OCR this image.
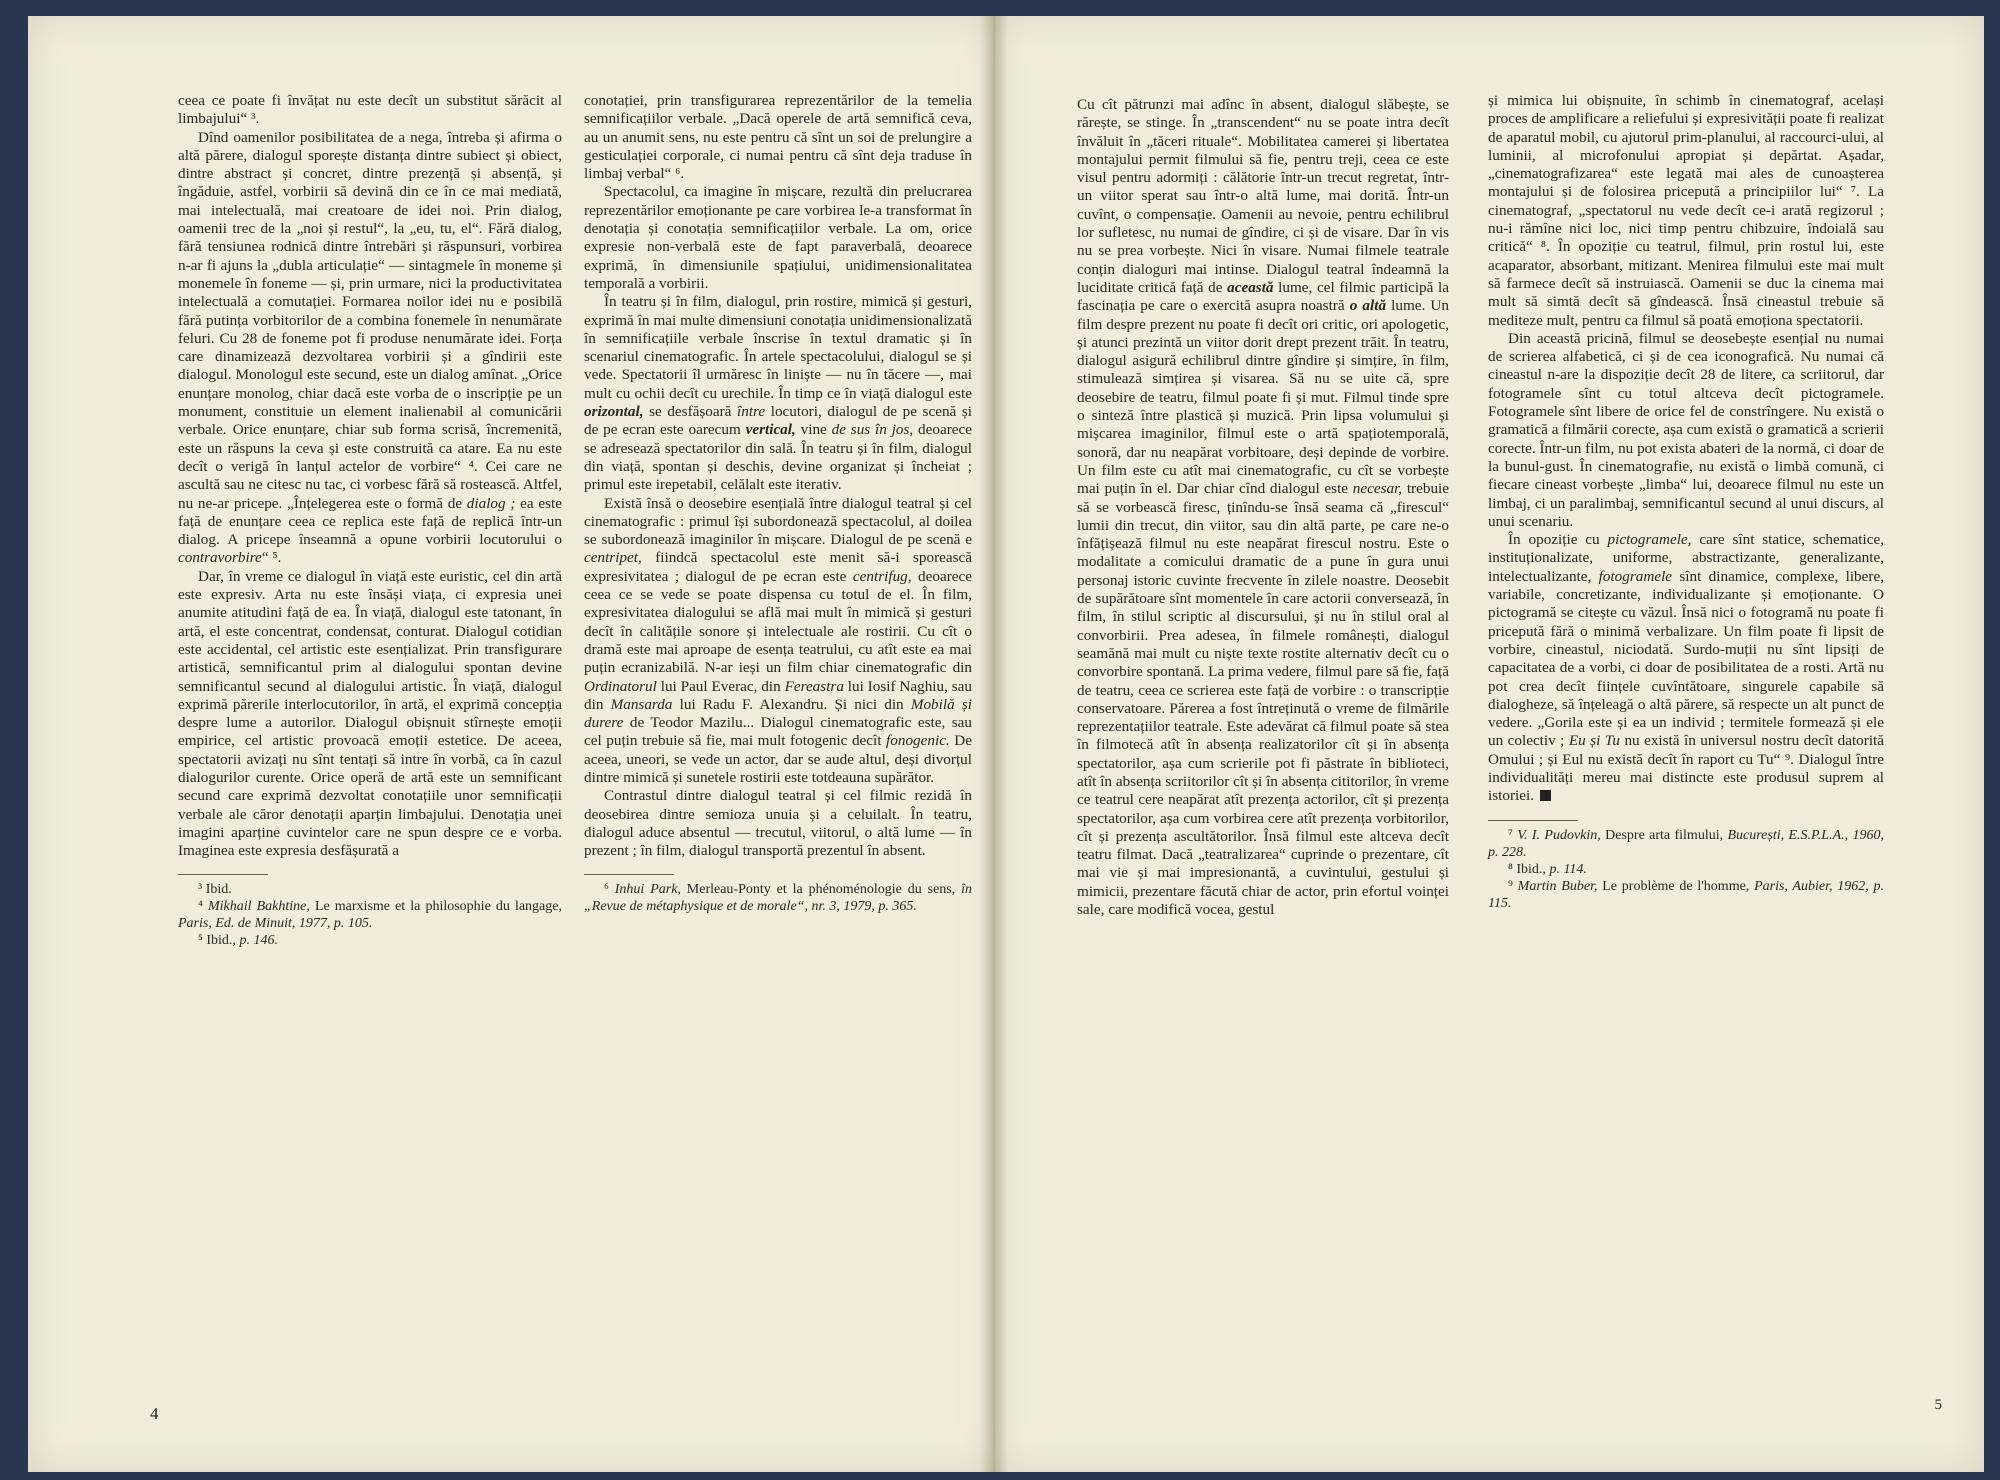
ceea ce poate fi învățat nu este decît un substitut sărăcit al limbajului“ ³.

Dînd oamenilor posibilitatea de a nega, întreba și afirma o altă părere, dialogul sporește distanța dintre subiect și obiect, dintre abstract și concret, dintre prezență și absență, și îngăduie, astfel, vorbirii să devină din ce în ce mai mediată, mai intelectuală, mai creatoare de idei noi. Prin dialog, oamenii trec de la „noi și restul“, la „eu, tu, el“. Fără dialog, fără tensiunea rodnică dintre întrebări și răspunsuri, vorbirea n-ar fi ajuns la „dubla articulație“ — sintagmele în moneme și monemele în foneme — și, prin urmare, nici la productivitatea intelectuală a comutației. Formarea noilor idei nu e posibilă fără putința vorbitorilor de a combina fonemele în nenumărate feluri. Cu 28 de foneme pot fi produse nenumărate idei. Forța care dinamizează dezvoltarea vorbirii și a gîndirii este dialogul. Monologul este secund, este un dialog amînat. „Orice enunțare monolog, chiar dacă este vorba de o inscripție pe un monument, constituie un element inalienabil al comunicării verbale. Orice enunțare, chiar sub forma scrisă, încremenită, este un răspuns la ceva și este construită ca atare. Ea nu este decît o verigă în lanțul actelor de vorbire“ ⁴. Cei care ne ascultă sau ne citesc nu tac, ci vorbesc fără să rostească. Altfel, nu ne-ar pricepe. „Înțelegerea este o formă de dialog ; ea este față de enunțare ceea ce replica este față de replică într-un dialog. A pricepe înseamnă a opune vorbirii locutorului o contravorbire“ ⁵.

Dar, în vreme ce dialogul în viață este euristic, cel din artă este expresiv. Arta nu este însăși viața, ci expresia unei anumite atitudini față de ea. În viață, dialogul este tatonant, în artă, el este concentrat, condensat, conturat. Dialogul cotidian este accidental, cel artistic este esențializat. Prin transfigurare artistică, semnificantul prim al dialogului spontan devine semnificantul secund al dialogului artistic. În viață, dialogul exprimă părerile interlocutorilor, în artă, el exprimă concepția despre lume a autorilor. Dialogul obișnuit stîrnește emoții empirice, cel artistic provoacă emoții estetice. De aceea, spectatorii avizați nu sînt tentați să intre în vorbă, ca în cazul dialogurilor curente. Orice operă de artă este un semnificant secund care exprimă dezvoltat conotațiile unor semnificații verbale ale căror denotații aparțin limbajului. Denotația unei imagini aparține cuvintelor care ne spun despre ce e vorba. Imaginea este expresia desfășurată a

³ Ibid.

⁴ Mikhail Bakhtine, Le marxisme et la philosophie du langage, Paris, Ed. de Minuit, 1977, p. 105.

⁵ Ibid., p. 146.

conotației, prin transfigurarea reprezentărilor de la temelia semnificațiilor verbale. „Dacă operele de artă semnifică ceva, au un anumit sens, nu este pentru că sînt un soi de prelungire a gesticulației corporale, ci numai pentru că sînt deja traduse în limbaj verbal“ ⁶.

Spectacolul, ca imagine în mișcare, rezultă din prelucrarea reprezentărilor emoționante pe care vorbirea le-a transformat în denotația și conotația semnificațiilor verbale. La om, orice expresie non-verbală este de fapt paraverbală, deoarece exprimă, în dimensiunile spațiului, unidimensionalitatea temporală a vorbirii.

În teatru și în film, dialogul, prin rostire, mimică și gesturi, exprimă în mai multe dimensiuni conotația unidimensionalizată în semnificațiile verbale înscrise în textul dramatic și în scenariul cinematografic. În artele spectacolului, dialogul se și vede. Spectatorii îl urmăresc în liniște — nu în tăcere —, mai mult cu ochii decît cu urechile. În timp ce în viață dialogul este orizontal, se desfășoară între locutori, dialogul de pe scenă și de pe ecran este oarecum vertical, vine de sus în jos, deoarece se adresează spectatorilor din sală. În teatru și în film, dialogul din viață, spontan și deschis, devine organizat și încheiat ; primul este irepetabil, celălalt este iterativ.

Există însă o deosebire esențială între dialogul teatral și cel cinematografic : primul își subordonează spectacolul, al doilea se subordonează imaginilor în mișcare. Dialogul de pe scenă e centripet, fiindcă spectacolul este menit să-i sporească expresivitatea ; dialogul de pe ecran este centrifug, deoarece ceea ce se vede se poate dispensa cu totul de el. În film, expresivitatea dialogului se află mai mult în mimică și gesturi decît în calitățile sonore și intelectuale ale rostirii. Cu cît o dramă este mai aproape de esența teatrului, cu atît este ea mai puțin ecranizabilă. N-ar ieși un film chiar cinematografic din Ordinatorul lui Paul Everac, din Fereastra lui Iosif Naghiu, sau din Mansarda lui Radu F. Alexandru. Și nici din Mobilă și durere de Teodor Mazilu... Dialogul cinematografic este, sau cel puțin trebuie să fie, mai mult fotogenic decît fonogenic. De aceea, uneori, se vede un actor, dar se aude altul, deși divorțul dintre mimică și sunetele rostirii este totdeauna supărător.

Contrastul dintre dialogul teatral și cel filmic rezidă în deosebirea dintre semioza unuia și a celuilalt. În teatru, dialogul aduce absentul — trecutul, viitorul, o altă lume — în prezent ; în film, dialogul transportă prezentul în absent.

⁶ Inhui Park, Merleau-Ponty et la phénoménologie du sens, în „Revue de métaphysique et de morale“, nr. 3, 1979, p. 365.

4

Cu cît pătrunzi mai adînc în absent, dialogul slăbește, se rărește, se stinge. În „transcendent“ nu se poate intra decît învăluit în „tăceri rituale“. Mobilitatea camerei și libertatea montajului permit filmului să fie, pentru treji, ceea ce este visul pentru adormiți : călătorie într-un trecut regretat, într-un viitor sperat sau într-o altă lume, mai dorită. Într-un cuvînt, o compensație. Oamenii au nevoie, pentru echilibrul lor sufletesc, nu numai de gîndire, ci și de visare. Dar în vis nu se prea vorbește. Nici în visare. Numai filmele teatrale conțin dialoguri mai intinse. Dialogul teatral îndeamnă la luciditate critică față de această lume, cel filmic participă la fascinația pe care o exercită asupra noastră o altă lume. Un film despre prezent nu poate fi decît ori critic, ori apologetic, și atunci prezintă un viitor dorit drept prezent trăit. În teatru, dialogul asigură echilibrul dintre gîndire și simțire, în film, stimulează simțirea și visarea. Să nu se uite că, spre deosebire de teatru, filmul poate fi și mut. Filmul tinde spre o sinteză între plastică și muzică. Prin lipsa volumului și mișcarea imaginilor, filmul este o artă spațiotemporală, sonoră, dar nu neapărat vorbitoare, deși depinde de vorbire. Un film este cu atît mai cinematografic, cu cît se vorbește mai puțin în el. Dar chiar cînd dialogul este necesar, trebuie să se vorbească firesc, ținîndu-se însă seama că „firescul“ lumii din trecut, din viitor, sau din altă parte, pe care ne-o înfățișează filmul nu este neapărat firescul nostru. Este o modalitate a comicului dramatic de a pune în gura unui personaj istoric cuvinte frecvente în zilele noastre. Deosebit de supărătoare sînt momentele în care actorii conversează, în film, în stilul scriptic al discursului, și nu în stilul oral al convorbirii. Prea adesea, în filmele românești, dialogul seamănă mai mult cu niște texte rostite alternativ decît cu o convorbire spontană. La prima vedere, filmul pare să fie, față de teatru, ceea ce scrierea este față de vorbire : o transcripție conservatoare. Părerea a fost întreținută o vreme de filmările reprezentațiilor teatrale. Este adevărat că filmul poate să stea în filmotecă atît în absența realizatorilor cît și în absența spectatorilor, așa cum scrierile pot fi păstrate în biblioteci, atît în absența scriitorilor cît și în absența cititorilor, în vreme ce teatrul cere neapărat atît prezența actorilor, cît și prezența spectatorilor, așa cum vorbirea cere atît prezența vorbitorilor, cît și prezența ascultătorilor. Însă filmul este altceva decît teatru filmat. Dacă „teatralizarea“ cuprinde o prezentare, cît mai vie și mai impresionantă, a cuvintului, gestului și mimicii, prezentare făcută chiar de actor, prin efortul voinței sale, care modifică vocea, gestul

și mimica lui obișnuite, în schimb în cinematograf, același proces de amplificare a reliefului și expresivității poate fi realizat de aparatul mobil, cu ajutorul prim-planului, al raccourci-ului, al luminii, al microfonului apropiat și depărtat. Așadar, „cinematografizarea“ este legată mai ales de cunoașterea montajului și de folosirea pricepută a principiilor lui“ ⁷. La cinematograf, „spectatorul nu vede decît ce-i arată regizorul ; nu-i rămîne nici loc, nici timp pentru chibzuire, îndoială sau critică“ ⁸. În opoziție cu teatrul, filmul, prin rostul lui, este acaparator, absorbant, mitizant. Menirea filmului este mai mult să farmece decît să instruiască. Oamenii se duc la cinema mai mult să simtă decît să gîndească. Însă cineastul trebuie să mediteze mult, pentru ca filmul să poată emoționa spectatorii.

Din această pricină, filmul se deosebește esențial nu numai de scrierea alfabetică, ci și de cea iconografică. Nu numai că cineastul n-are la dispoziție decît 28 de litere, ca scriitorul, dar fotogramele sînt cu totul altceva decît pictogramele. Fotogramele sînt libere de orice fel de constrîngere. Nu există o gramatică a filmării corecte, așa cum există o gramatică a scrierii corecte. Într-un film, nu pot exista abateri de la normă, ci doar de la bunul-gust. În cinematografie, nu există o limbă comună, ci fiecare cineast vorbește „limba“ lui, deoarece filmul nu este un limbaj, ci un paralimbaj, semnificantul secund al unui discurs, al unui scenariu.

În opoziție cu pictogramele, care sînt statice, schematice, instituționalizate, uniforme, abstractizante, generalizante, intelectualizante, fotogramele sînt dinamice, complexe, libere, variabile, concretizante, individualizante și emoționante. O pictogramă se citește cu văzul. Însă nici o fotogramă nu poate fi pricepută fără o minimă verbalizare. Un film poate fi lipsit de vorbire, cineastul, niciodată. Surdo-muții nu sînt lipsiți de capacitatea de a vorbi, ci doar de posibilitatea de a rosti. Artă nu pot crea decît ființele cuvîntătoare, singurele capabile să dialogheze, să înțeleagă o altă părere, să respecte un alt punct de vedere. „Gorila este și ea un individ ; termitele formează și ele un colectiv ; Eu și Tu nu există în universul nostru decît datorită Omului ; și Eul nu există decît în raport cu Tu“ ⁹. Dialogul între individualități mereu mai distincte este produsul suprem al istoriei.

⁷ V. I. Pudovkin, Despre arta filmului, București, E.S.P.L.A., 1960, p. 228.

⁸ Ibid., p. 114.

⁹ Martin Buber, Le problème de l'homme, Paris, Aubier, 1962, p. 115.

5
